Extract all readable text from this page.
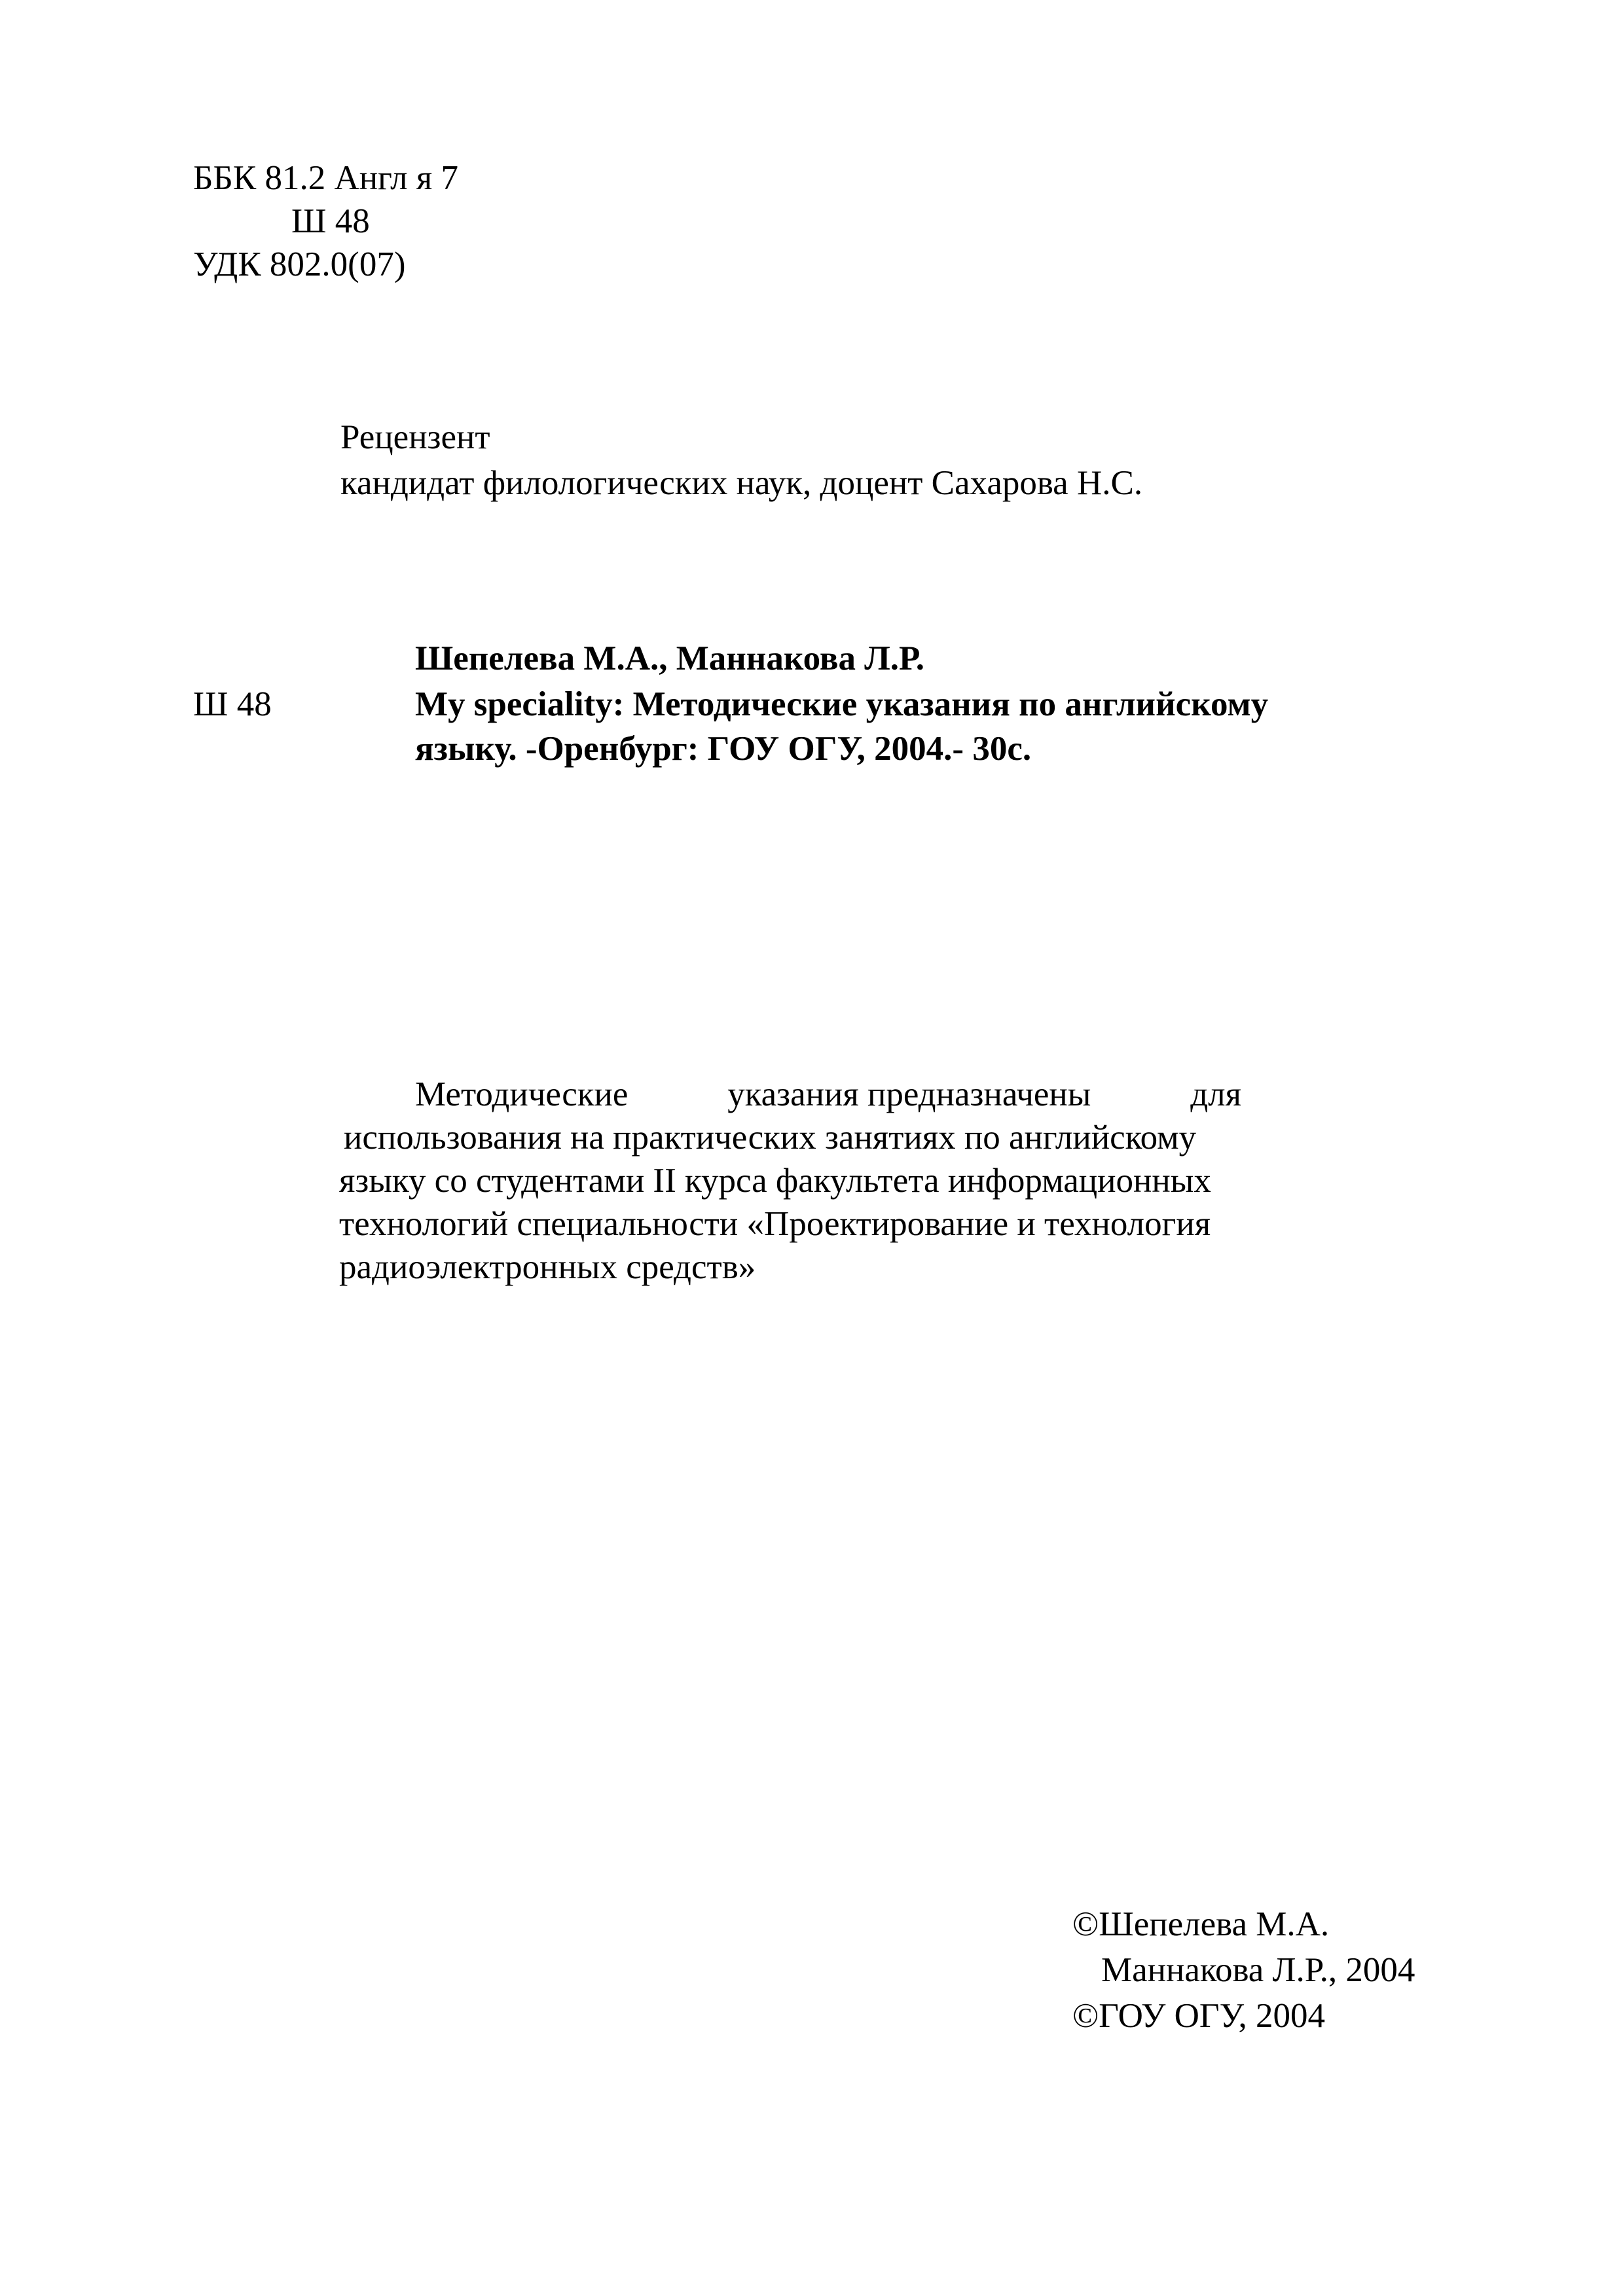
ББК 81.2 Англ я 7
Ш 48
УДК 802.0(07)
Рецензент
кандидат филологических наук, доцент Сахарова Н.С.
Шепелева М.А., Маннакова Л.Р.
Ш 48	My speciality: Методические указания по английскому
языку. -Оренбург: ГОУ ОГУ, 2004.- 30с.
Методические	указания предназначены	для
использования на практических занятиях по английскому
языку со студентами II курса факультета информационных
технологий специальности «Проектирование и технология
радиоэлектронных средств»
©Шепелева М.А.
Маннакова Л.Р., 2004
©ГОУ ОГУ, 2004
